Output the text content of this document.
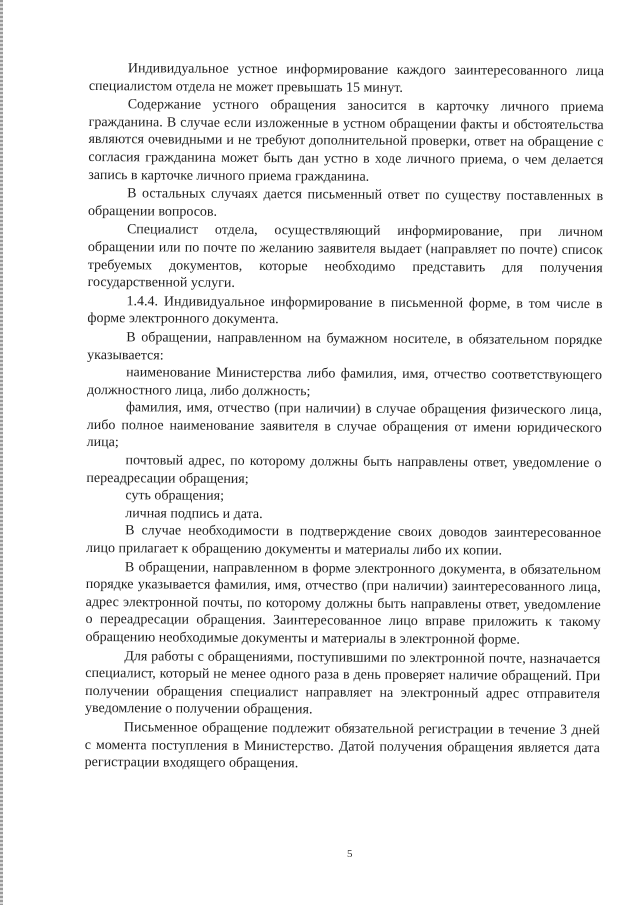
Индивидуальное устное информирование каждого заинтересованного лица специалистом отдела не может превышать 15 минут.

Содержание устного обращения заносится в карточку личного приема гражданина. В случае если изложенные в устном обращении факты и обстоятельства являются очевидными и не требуют дополнительной проверки, ответ на обращение с согласия гражданина может быть дан устно в ходе личного приема, о чем делается запись в карточке личного приема гражданина.

В остальных случаях дается письменный ответ по существу поставленных в обращении вопросов.

Специалист отдела, осуществляющий информирование, при личном обращении или по почте по желанию заявителя выдает (направляет по почте) список требуемых документов, которые необходимо представить для получения государственной услуги.

1.4.4. Индивидуальное информирование в письменной форме, в том числе в форме электронного документа.

В обращении, направленном на бумажном носителе, в обязательном порядке указывается:

наименование Министерства либо фамилия, имя, отчество соответствующего должностного лица, либо должность;

фамилия, имя, отчество (при наличии) в случае обращения физического лица, либо полное наименование заявителя в случае обращения от имени юридического лица;

почтовый адрес, по которому должны быть направлены ответ, уведомление о переадресации обращения;

суть обращения;

личная подпись и дата.

В случае необходимости в подтверждение своих доводов заинтересованное лицо прилагает к обращению документы и материалы либо их копии.

В обращении, направленном в форме электронного документа, в обязательном порядке указывается фамилия, имя, отчество (при наличии) заинтересованного лица, адрес электронной почты, по которому должны быть направлены ответ, уведомление о переадресации обращения. Заинтересованное лицо вправе приложить к такому обращению необходимые документы и материалы в электронной форме.

Для работы с обращениями, поступившими по электронной почте, назначается специалист, который не менее одного раза в день проверяет наличие обращений. При получении обращения специалист направляет на электронный адрес отправителя уведомление о получении обращения.

Письменное обращение подлежит обязательной регистрации в течение 3 дней с момента поступления в Министерство. Датой получения обращения является дата регистрации входящего обращения.

5
